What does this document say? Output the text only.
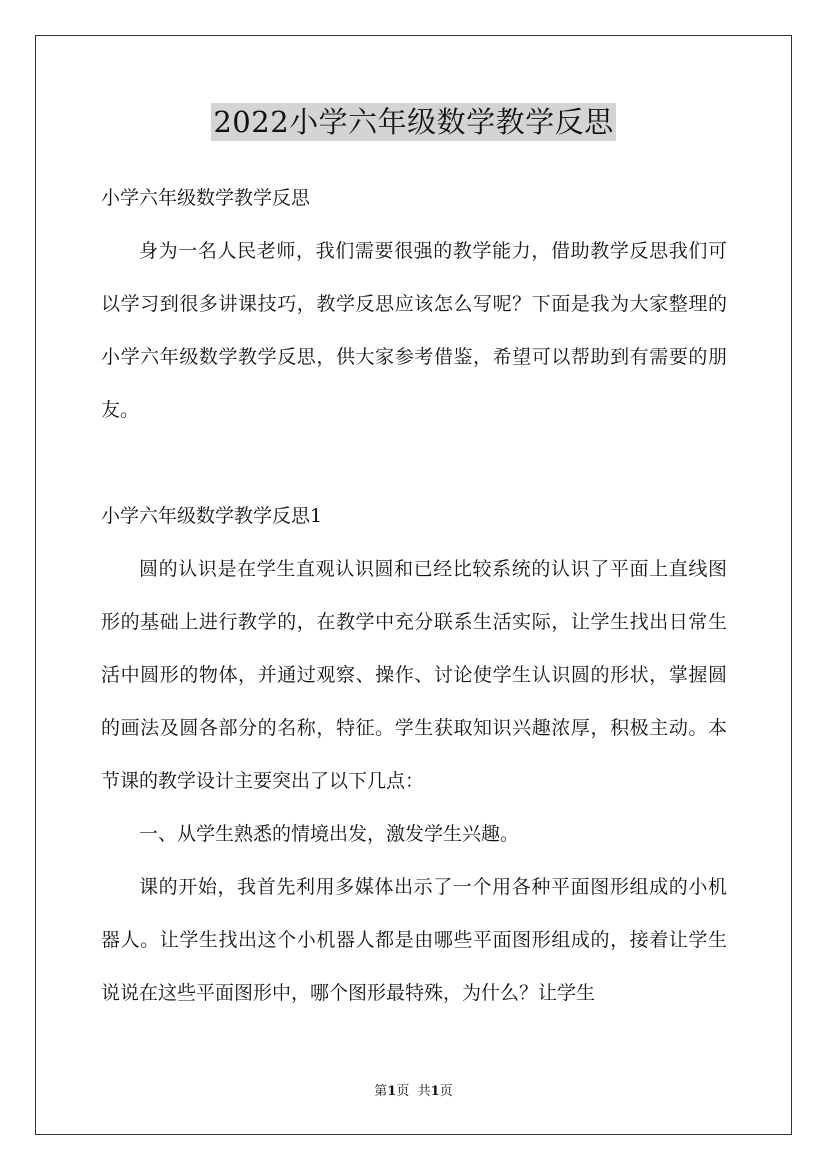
2022小学六年级数学教学反思

小学六年级数学教学反思

身为一名人民老师，我们需要很强的教学能力，借助教学反思我们可以学习到很多讲课技巧，教学反思应该怎么写呢？下面是我为大家整理的小学六年级数学教学反思，供大家参考借鉴，希望可以帮助到有需要的朋友。

小学六年级数学教学反思1

圆的认识是在学生直观认识圆和已经比较系统的认识了平面上直线图形的基础上进行教学的，在教学中充分联系生活实际，让学生找出日常生活中圆形的物体，并通过观察、操作、讨论使学生认识圆的形状，掌握圆的画法及圆各部分的名称，特征。学生获取知识兴趣浓厚，积极主动。本节课的教学设计主要突出了以下几点：

一、从学生熟悉的情境出发，激发学生兴趣。

课的开始，我首先利用多媒体出示了一个用各种平面图形组成的小机器人。让学生找出这个小机器人都是由哪些平面图形组成的，接着让学生说说在这些平面图形中，哪个图形最特殊，为什么？让学生

第1页 共1页
